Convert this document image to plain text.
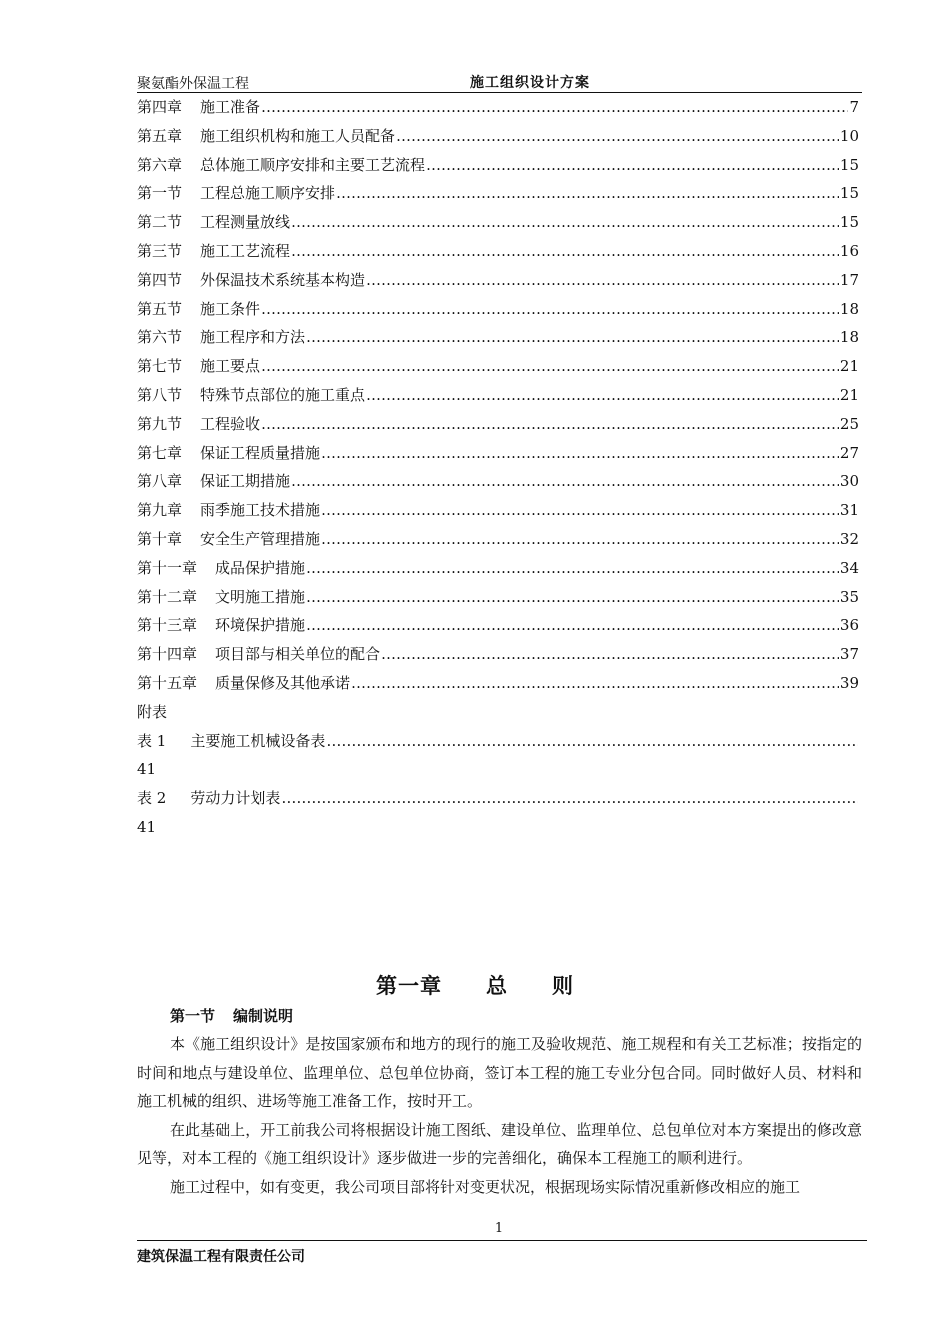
聚氨酯外保温工程	施工组织设计方案
第四章 施工准备 …………………………………………………………………………………………………………………………………………………………	7
第五章 施工组织机构和施工人员配备 …………………………………………………………………………………………………………………………………………………………	10
第六章 总体施工顺序安排和主要工艺流程 …………………………………………………………………………………………………………………………………………………………	15
第一节 工程总施工顺序安排 …………………………………………………………………………………………………………………………………………………………	15
第二节 工程测量放线 …………………………………………………………………………………………………………………………………………………………	15
第三节 施工工艺流程 …………………………………………………………………………………………………………………………………………………………	16
第四节 外保温技术系统基本构造 …………………………………………………………………………………………………………………………………………………………	17
第五节 施工条件 …………………………………………………………………………………………………………………………………………………………	18
第六节 施工程序和方法 …………………………………………………………………………………………………………………………………………………………	18
第七节 施工要点 …………………………………………………………………………………………………………………………………………………………	21
第八节 特殊节点部位的施工重点 …………………………………………………………………………………………………………………………………………………………	21
第九节 工程验收 …………………………………………………………………………………………………………………………………………………………	25
第七章 保证工程质量措施 …………………………………………………………………………………………………………………………………………………………	27
第八章 保证工期措施 …………………………………………………………………………………………………………………………………………………………	30
第九章 雨季施工技术措施 …………………………………………………………………………………………………………………………………………………………	31
第十章 安全生产管理措施 …………………………………………………………………………………………………………………………………………………………	32
第十一章 成品保护措施 …………………………………………………………………………………………………………………………………………………………	34
第十二章 文明施工措施 …………………………………………………………………………………………………………………………………………………………	35
第十三章 环境保护措施 …………………………………………………………………………………………………………………………………………………………	36
第十四章 项目部与相关单位的配合 …………………………………………………………………………………………………………………………………………………………	37
第十五章 质量保修及其他承诺 …………………………………………………………………………………………………………………………………………………………	39
附表
表 1 主要施工机械设备表
…………………………………………………………………………………………………………………………………………………………
41
表 2 劳动力计划表
…………………………………………………………………………………………………………………………………………………………
41
第一章　　总　　则
第一节 编制说明

本《施工组织设计》是按国家颁布和地方的现行的施工及验收规范、施工规程和有关工艺标准；按指定的时间和地点与建设单位、监理单位、总包单位协商，签订本工程的施工专业分包合同。同时做好人员、材料和施工机械的组织、进场等施工准备工作，按时开工。

在此基础上，开工前我公司将根据设计施工图纸、建设单位、监理单位、总包单位对本方案提出的修改意见等，对本工程的《施工组织设计》逐步做进一步的完善细化，确保本工程施工的顺利进行。

施工过程中，如有变更，我公司项目部将针对变更状况，根据现场实际情况重新修改相应的施工

1
建筑保温工程有限责任公司
